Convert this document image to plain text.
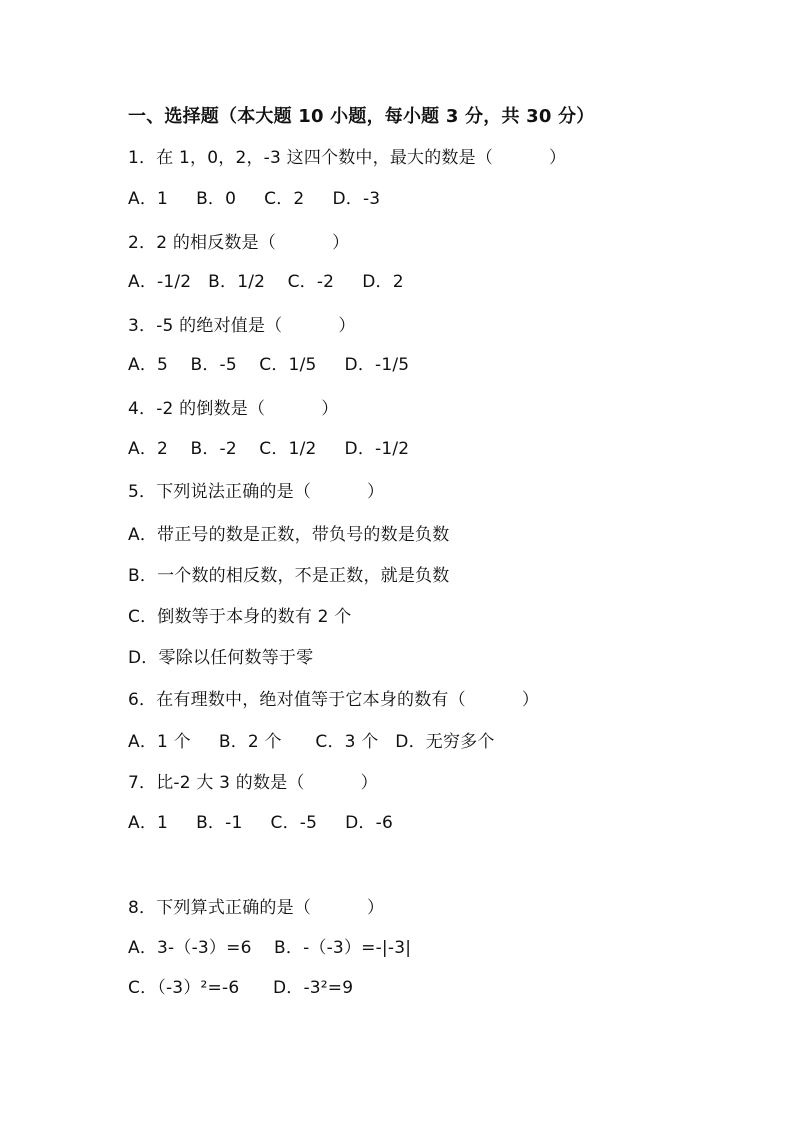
一、选择题（本大题 10 小题，每小题 3 分，共 30 分）
1．在 1，0，2，-3 这四个数中，最大的数是（          ）
A．1     B．0     C．2     D．-3
2．2 的相反数是（          ）
A．-1/2   B．1/2    C．-2     D．2
3．-5 的绝对值是（          ）
A．5    B．-5    C．1/5     D．-1/5
4．-2 的倒数是（          ）
A．2    B．-2    C．1/2     D．-1/2
5．下列说法正确的是（          ）
A．带正号的数是正数，带负号的数是负数
B．一个数的相反数，不是正数，就是负数
C．倒数等于本身的数有 2 个
D．零除以任何数等于零
6．在有理数中，绝对值等于它本身的数有（          ）
A．1 个     B．2 个      C．3 个   D．无穷多个
7．比-2 大 3 的数是（          ）
A．1     B．-1     C．-5     D．-6
8．下列算式正确的是（          ）
A．3-（-3）=6    B．-（-3）=-|-3|
C．（-3）²=-6      D．-3²=9
